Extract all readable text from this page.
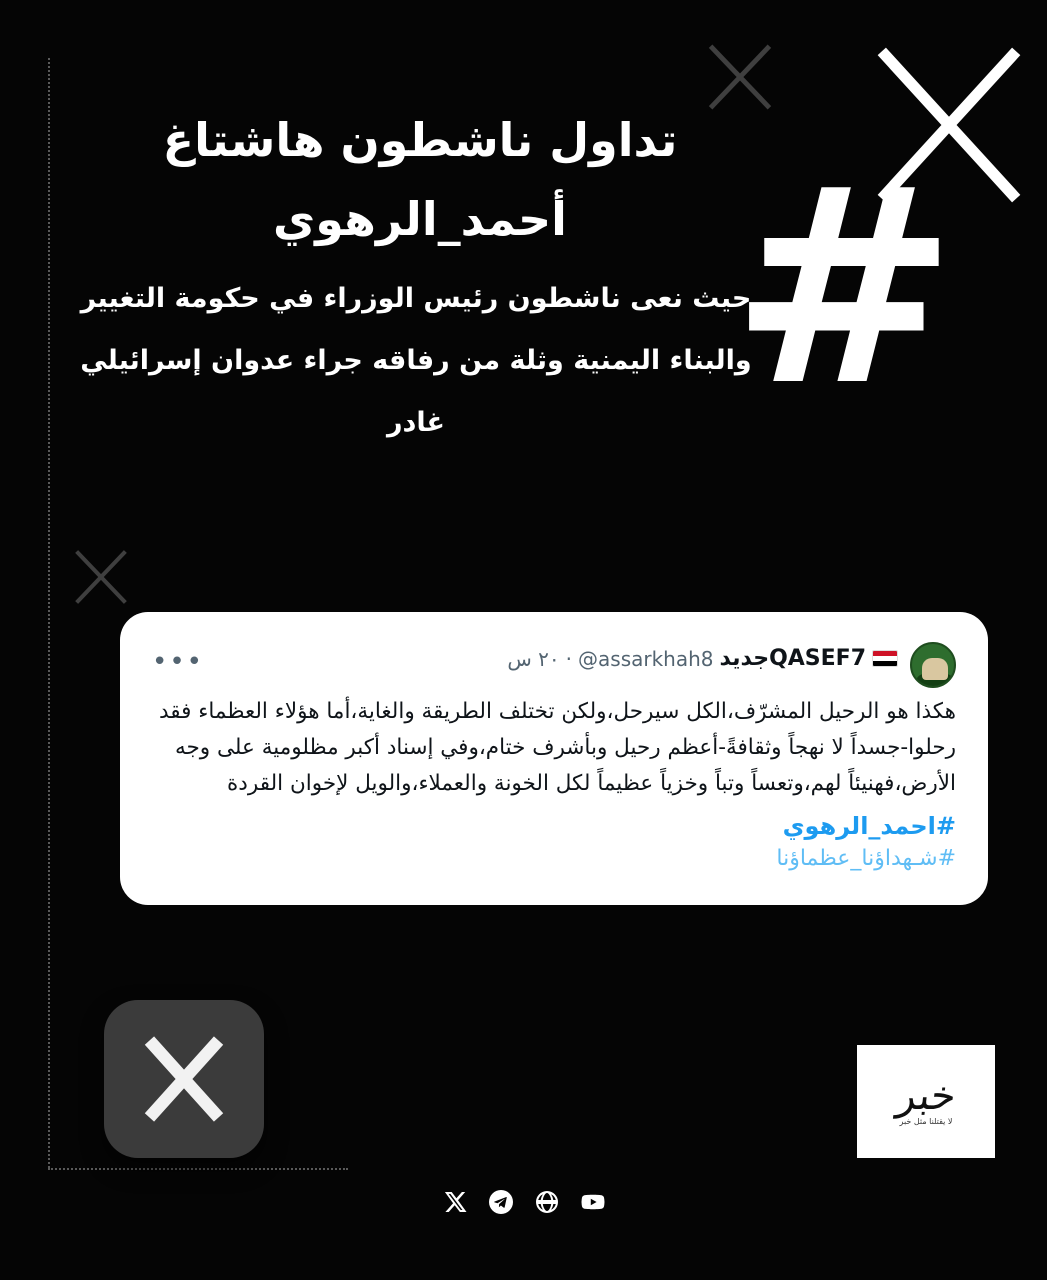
#
تداول ناشطون هاشتاغ
أحمد_الرهوي
حيث نعى ناشطون رئيس الوزراء في حكومة التغيير والبناء اليمنية وثلة من رفاقه جراء عدوان إسرائيلي غادر
QASEF7جديد
@assarkhah8
·
٢٠ س
•••
هكذا هو الرحيل المشرّف،الكل سيرحل،ولكن تختلف الطريقة والغاية،أما هؤلاء العظماء فقد رحلوا-جسداً لا نهجاً وثقافةً-أعظم رحيل وبأشرف ختام،وفي إسناد أكبر مظلومية على وجه الأرض،فهنيئاً لهم،وتعساً وتباً وخزياً عظيماً لكل الخونة والعملاء،والويل لإخوان القردة
#احمد_الرهوي
#شـهداؤنا_عظماؤنا
خبر
لا يقتلنا مثل خبر
